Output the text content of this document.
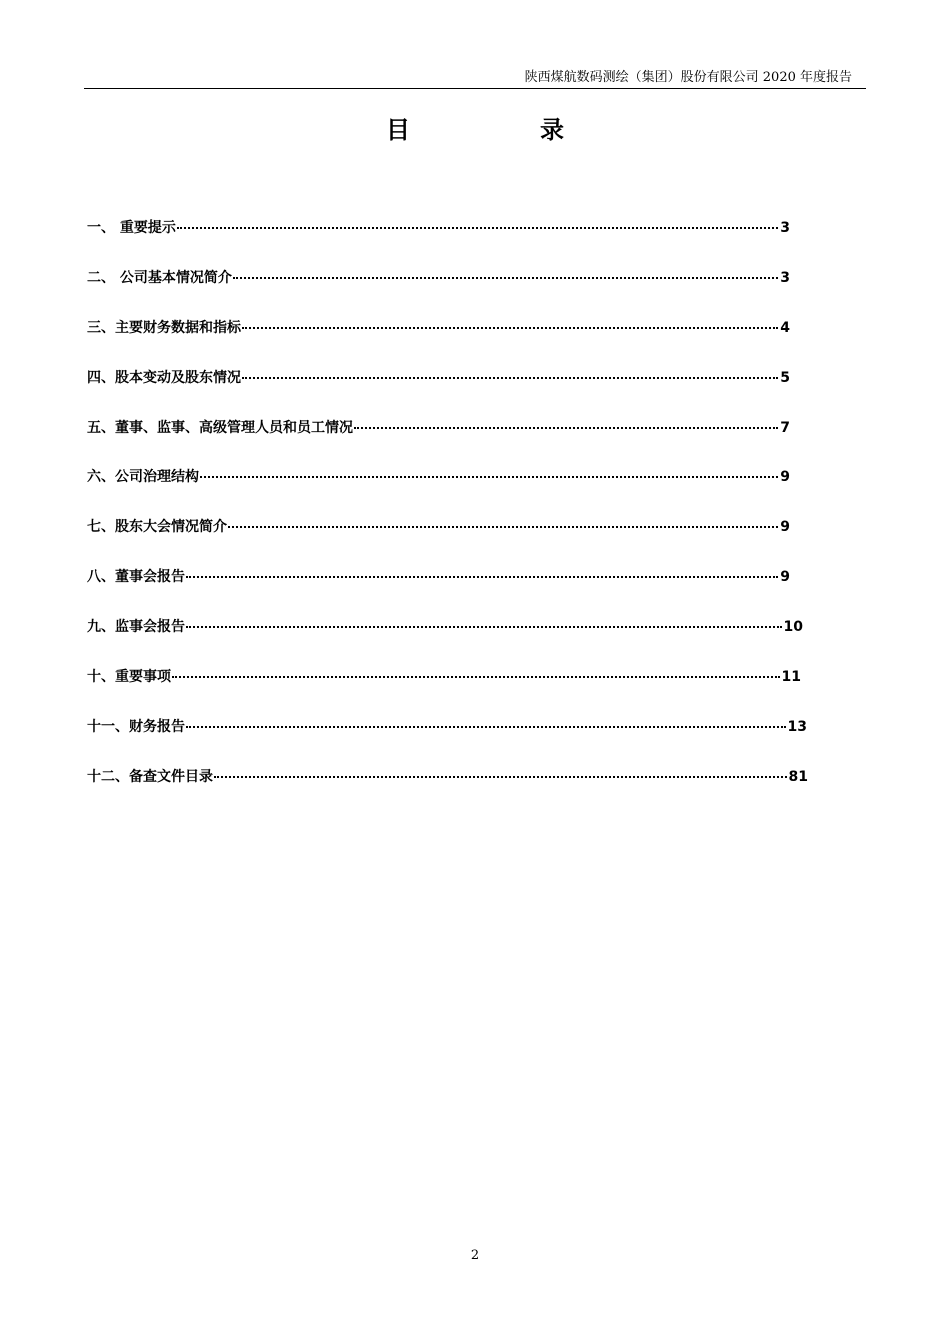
陕西煤航数码测绘（集团）股份有限公司 2020 年度报告
目录
一、 重要提示	3
二、 公司基本情况简介	3
三、主要财务数据和指标	4
四、股本变动及股东情况	5
五、董事、监事、高级管理人员和员工情况	7
六、公司治理结构	9
七、股东大会情况简介	9
八、董事会报告	9
九、监事会报告	10
十、重要事项	11
十一、财务报告	13
十二、备查文件目录	81
2
